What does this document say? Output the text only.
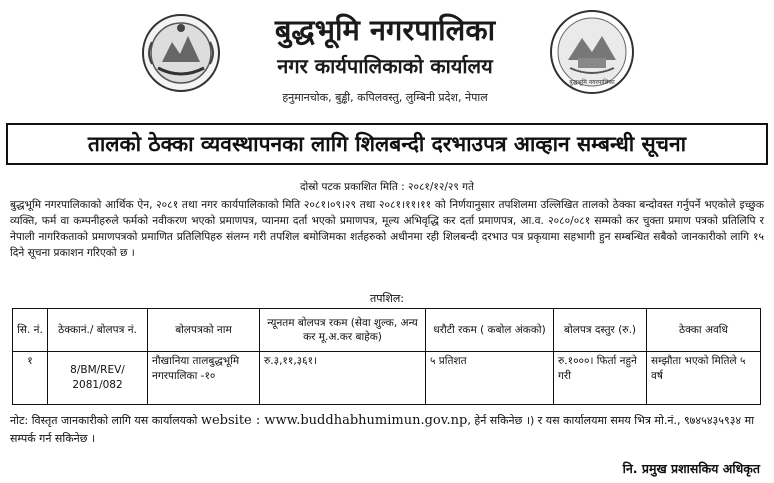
बुद्धभूमि नगरपालिका
नगर कार्यपालिकाको कार्यालय
हनुमानचोक, बुड्ढी, कपिलवस्तु, लुम्बिनी प्रदेश, नेपाल
बुद्धभूमि नगरपालिका
तालको ठेक्का व्यवस्थापनका लागि शिलबन्दी दरभाउपत्र आव्हान सम्बन्धी सूचना
दोस्रो पटक प्रकाशित मिति : २०८१/१२/२९ गते
बुद्धभूमि नगरपालिकाको आर्थिक ऐन, २०८१ तथा नगर कार्यपालिकाको मिति २०८१।०९।२९ तथा २०८१।११।११ को निर्णयानुसार तपशिलमा उल्लिखित तालको ठेक्का बन्दोवस्त गर्नुपर्ने भएकोले इच्छुक व्यक्ति, फर्म वा कम्पनीहरुले फर्मको नवीकरण भएको प्रमाणपत्र, प्यानमा दर्ता भएको प्रमाणपत्र, मूल्य अभिवृद्धि कर दर्ता प्रमाणपत्र, आ.व. २०८०/०८१ सम्मको कर चुक्ता प्रमाण पत्रको प्रतिलिपि र नेपाली नागरिकताको प्रमाणपत्रको प्रमाणित प्रतिलिपिहरु संलग्न गरी तपशिल बमोजिमका शर्तहरुको अधीनमा रही शिलबन्दी दरभाउ पत्र प्रकृयामा सहभागी हुन सम्बन्धित सबैको जानकारीको लागि १५ दिने सूचना प्रकाशन गरिएको छ ।
तपशिल:
सि. नं.	ठेक्कानं./ बोलपत्र नं.	बोलपत्रको नाम	न्यूनतम बोलपत्र रकम (सेवा शुल्क, अन्य कर मू.अ.कर बाहेक)	धरौटी रकम ( कबोल अंकको)	बोलपत्र दस्तुर (रु.)	ठेक्का अवधि
१	8/BM/REV/ 2081/082	नौखानिया तालबुद्धभूमि नगरपालिका -१०	रु.३,११,३६१।	५ प्रतिशत	रु.१०००। फिर्ता नहुने गरी	सम्झौता भएको मितिले ५ वर्ष
नोट: विस्तृत जानकारीको लागि यस कार्यालयको website : www.buddhabhumimun.gov.np, हेर्न सकिनेछ ।) र यस कार्यालयमा समय भित्र मो.नं., ९७४५४३५९३४ मा सम्पर्क गर्न सकिनेछ ।
नि. प्रमुख प्रशासकिय अधिकृत
